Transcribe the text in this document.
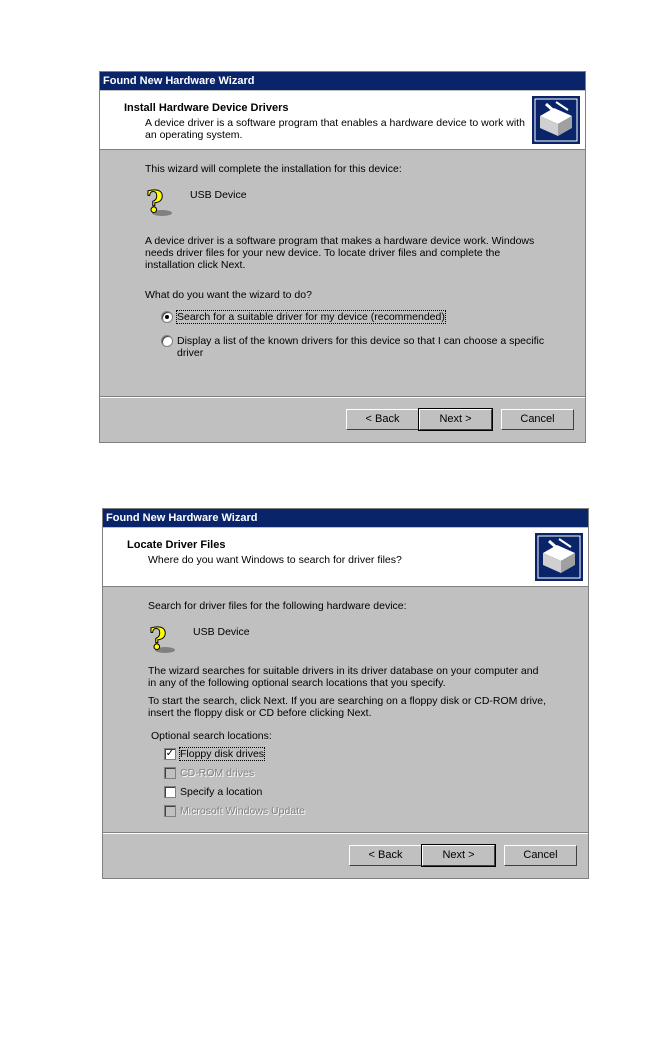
Found New Hardware Wizard
Install Hardware Device Drivers
A device driver is a software program that enables a hardware device to work with an operating system.
This wizard will complete the installation for this device:
?	USB Device
A device driver is a software program that makes a hardware device work. Windows needs driver files for your new device. To locate driver files and complete the installation click Next.
What do you want the wizard to do?
Search for a suitable driver for my device (recommended)
Display a list of the known drivers for this device so that I can choose a specific driver
< Back	Next >	Cancel
Found New Hardware Wizard
Locate Driver Files
Where do you want Windows to search for driver files?
Search for driver files for the following hardware device:
?	USB Device
The wizard searches for suitable drivers in its driver database on your computer and in any of the following optional search locations that you specify.
To start the search, click Next. If you are searching on a floppy disk or CD-ROM drive, insert the floppy disk or CD before clicking Next.
Optional search locations:
✓ Floppy disk drives
CD-ROM drives
Specify a location
Microsoft Windows Update
< Back	Next >	Cancel
